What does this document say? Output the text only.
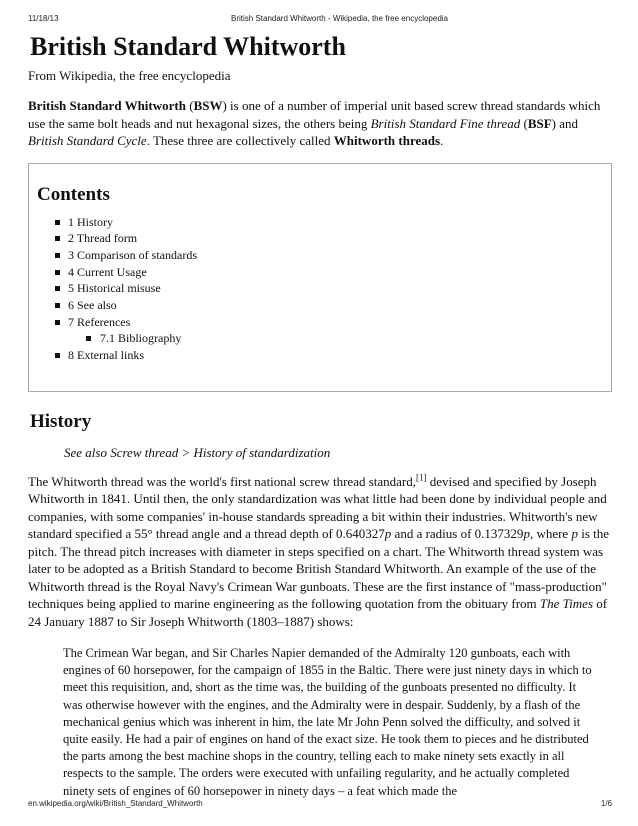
11/18/13	British Standard Whitworth - Wikipedia, the free encyclopedia
British Standard Whitworth
From Wikipedia, the free encyclopedia

British Standard Whitworth (BSW) is one of a number of imperial unit based screw thread standards which use the same bolt heads and nut hexagonal sizes, the others being British Standard Fine thread (BSF) and British Standard Cycle. These three are collectively called Whitworth threads.

Contents
1 History
2 Thread form
3 Comparison of standards
4 Current Usage
5 Historical misuse
6 See also
7 References
7.1 Bibliography
8 External links
History
See also Screw thread > History of standardization

The Whitworth thread was the world's first national screw thread standard,[1] devised and specified by Joseph Whitworth in 1841. Until then, the only standardization was what little had been done by individual people and companies, with some companies' in-house standards spreading a bit within their industries. Whitworth's new standard specified a 55° thread angle and a thread depth of 0.640327p and a radius of 0.137329p, where p is the pitch. The thread pitch increases with diameter in steps specified on a chart. The Whitworth thread system was later to be adopted as a British Standard to become British Standard Whitworth. An example of the use of the Whitworth thread is the Royal Navy's Crimean War gunboats. These are the first instance of "mass-production" techniques being applied to marine engineering as the following quotation from the obituary from The Times of 24 January 1887 to Sir Joseph Whitworth (1803–1887) shows:

The Crimean War began, and Sir Charles Napier demanded of the Admiralty 120 gunboats, each with engines of 60 horsepower, for the campaign of 1855 in the Baltic. There were just ninety days in which to meet this requisition, and, short as the time was, the building of the gunboats presented no difficulty. It was otherwise however with the engines, and the Admiralty were in despair. Suddenly, by a flash of the mechanical genius which was inherent in him, the late Mr John Penn solved the difficulty, and solved it quite easily. He had a pair of engines on hand of the exact size. He took them to pieces and he distributed the parts among the best machine shops in the country, telling each to make ninety sets exactly in all respects to the sample. The orders were executed with unfailing regularity, and he actually completed ninety sets of engines of 60 horsepower in ninety days – a feat which made the

en.wikipedia.org/wiki/British_Standard_Whitworth	1/6
